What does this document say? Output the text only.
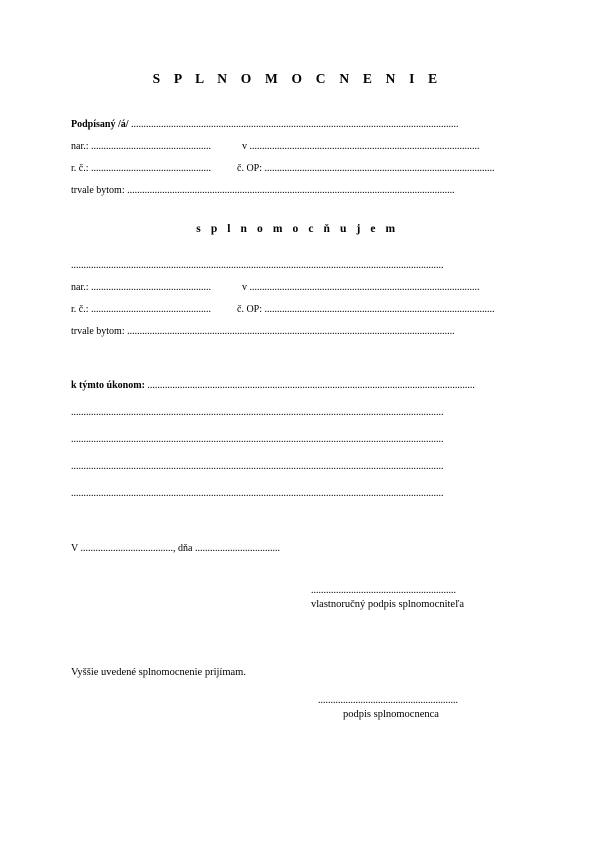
S P L N O M O C N E N I E
Podpísaný /á/ ...................................................................................................................................
nar.: ................................................	v ............................................................................................
r. č.: ................................................	č. OP: ............................................................................................
trvale bytom: ...................................................................................................................................
s p l n o m o c ň u j e m
.....................................................................................................................................................
nar.: ................................................	v ............................................................................................
r. č.: ................................................	č. OP: ............................................................................................
trvale bytom: ...................................................................................................................................
k týmto úkonom: ...................................................................................................................................
.....................................................................................................................................................
.....................................................................................................................................................
.....................................................................................................................................................
.....................................................................................................................................................
V ....................................., dňa ..................................
..........................................................
vlastnoručný podpis splnomocniteľa
Vyššie uvedené splnomocnenie prijímam.
........................................................
podpis splnomocnenca
